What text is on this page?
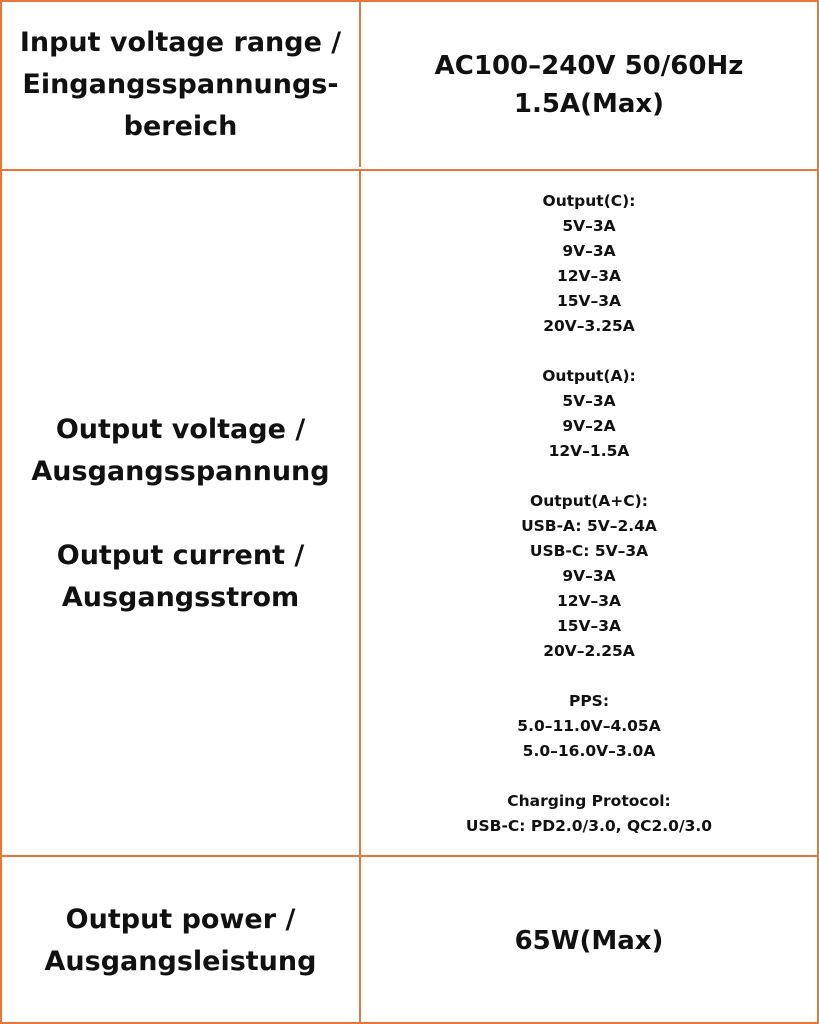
Input voltage range /
Eingangsspannungs-
bereich
AC100–240V 50/60Hz
1.5A(Max)
Output voltage /
Ausgangsspannung
Output current /
Ausgangsstrom
Output(C):
5V–3A
9V–3A
12V–3A
15V–3A
20V–3.25A
Output(A):
5V–3A
9V–2A
12V–1.5A
Output(A+C):
USB-A: 5V–2.4A
USB-C: 5V–3A
9V–3A
12V–3A
15V–3A
20V–2.25A
PPS:
5.0–11.0V–4.05A
5.0–16.0V–3.0A
Charging Protocol:
USB-C: PD2.0/3.0, QC2.0/3.0
Output power /
Ausgangsleistung
65W(Max)
